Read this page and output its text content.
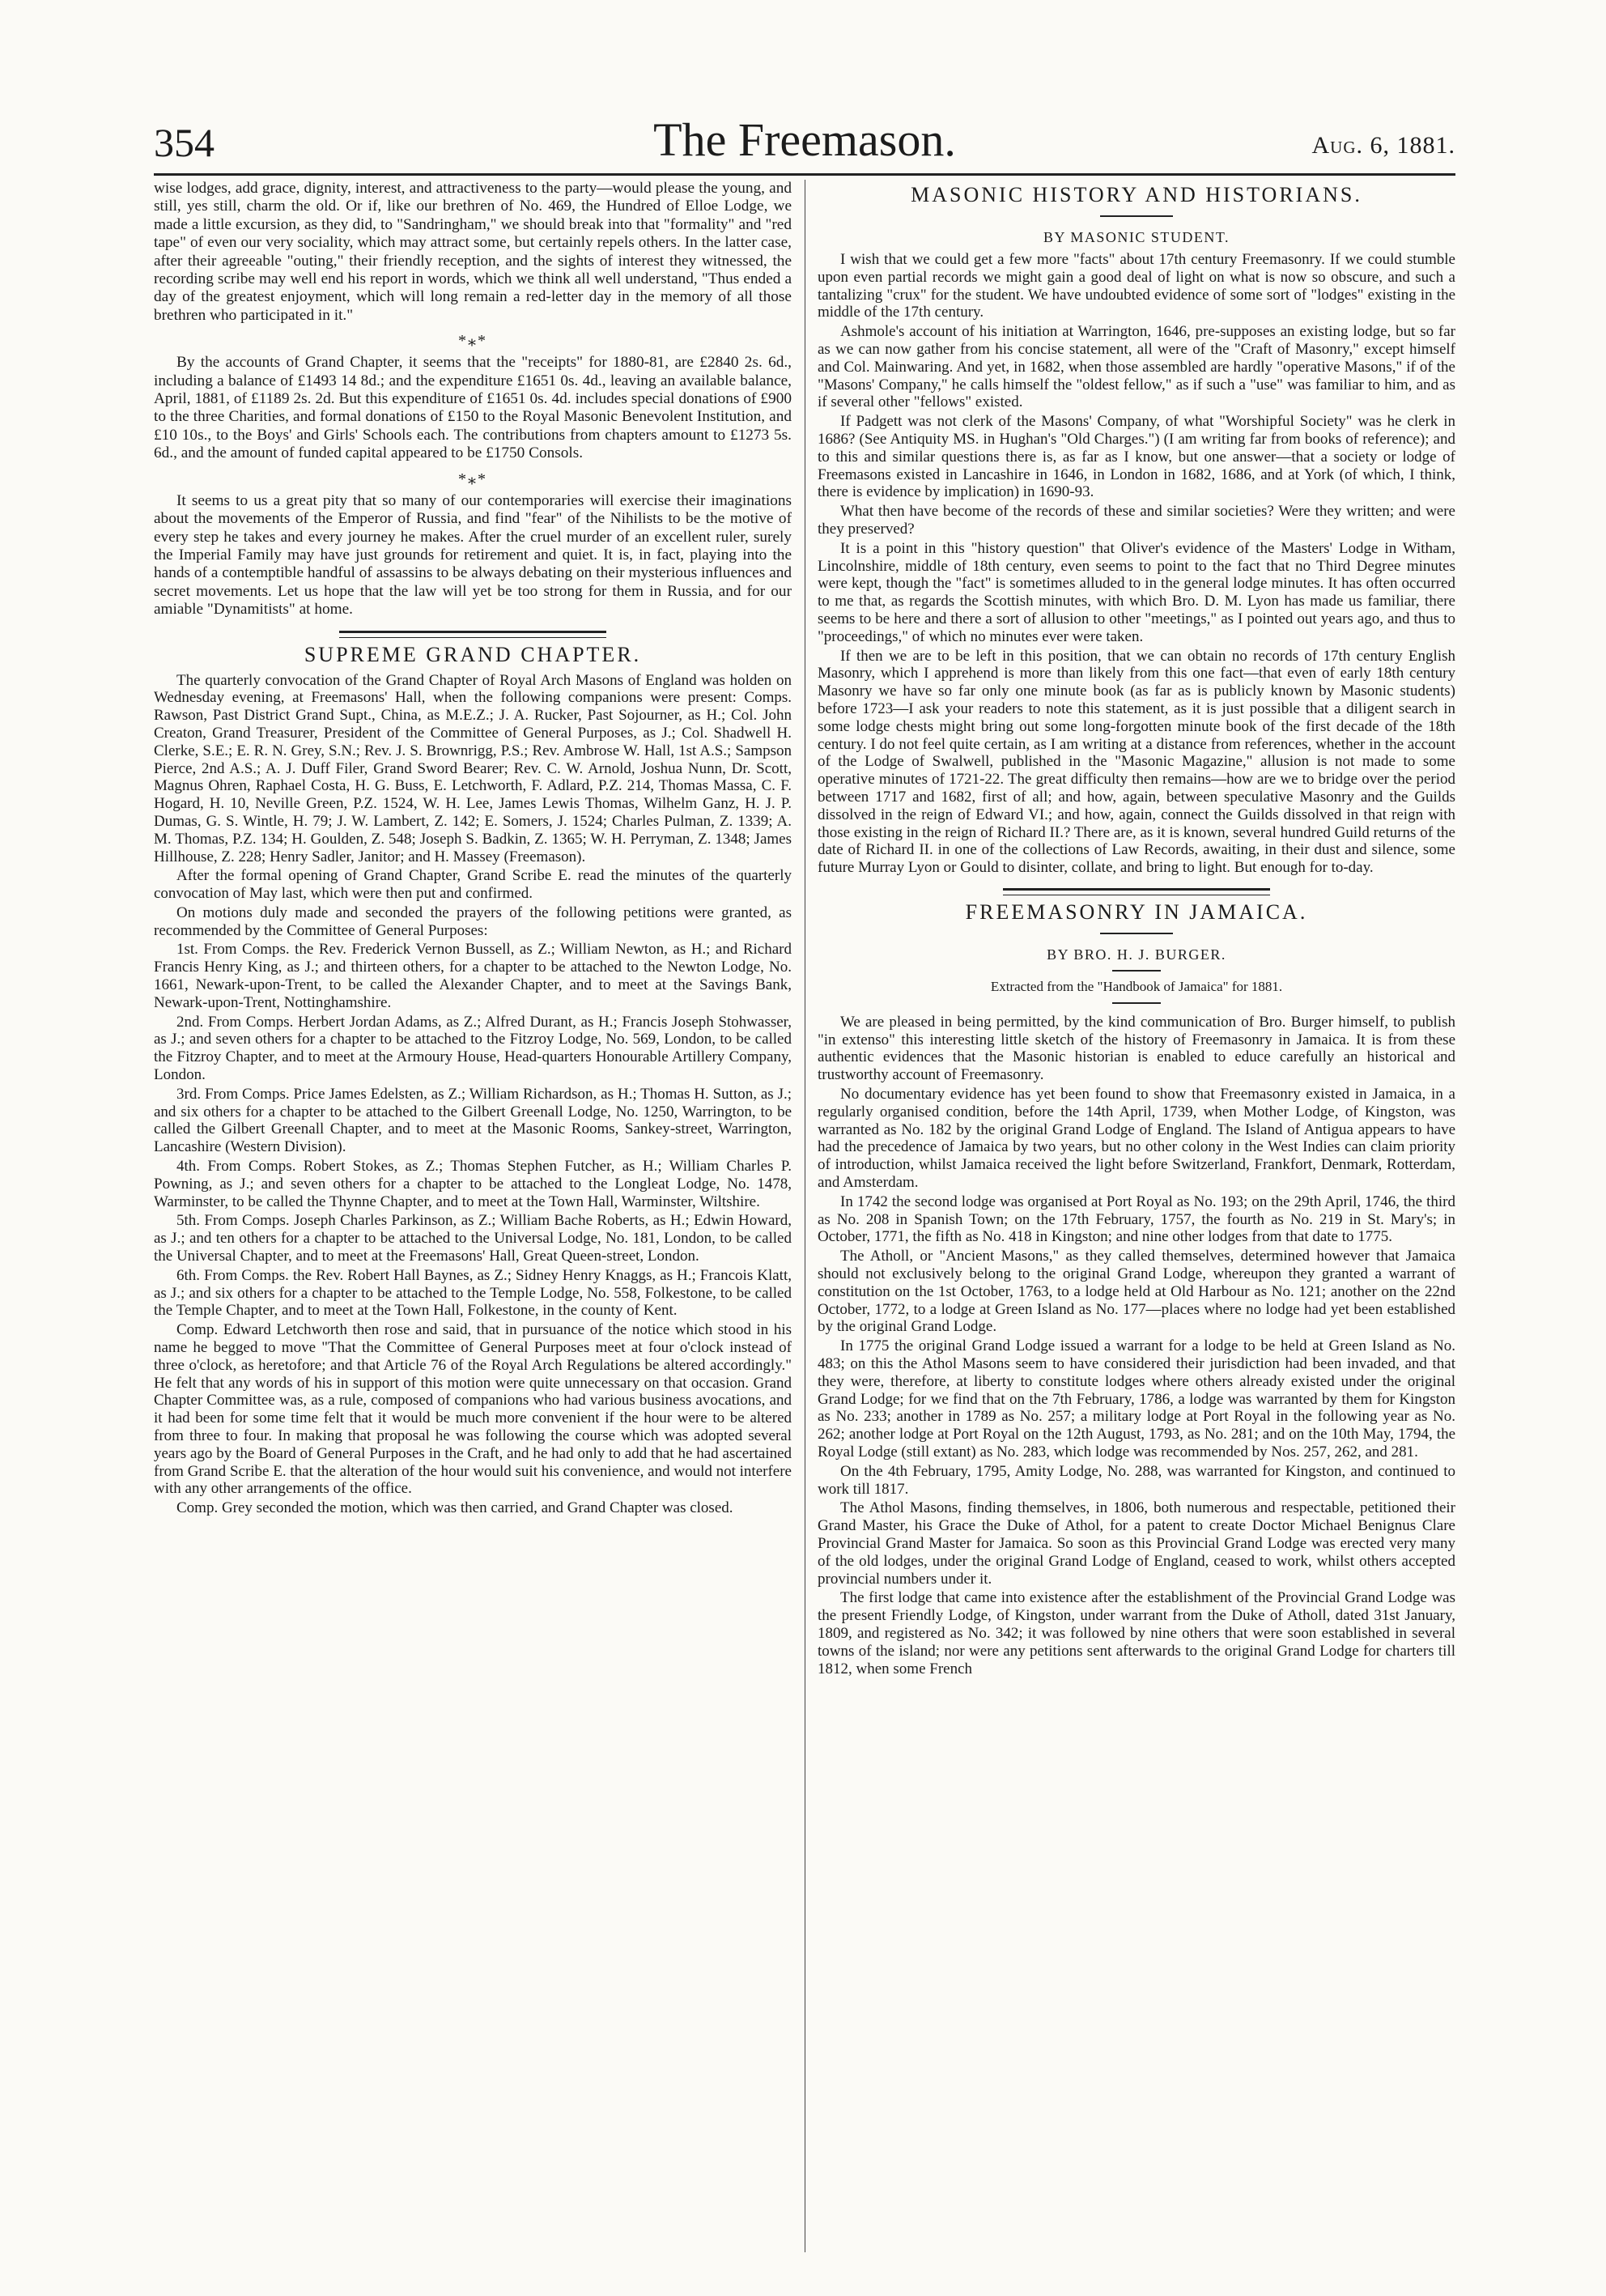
354	The Freemason.	Aug. 6, 1881.

wise lodges, add grace, dignity, interest, and attractiveness to the party—would please the young, and still, yes still, charm the old. Or if, like our brethren of No. 469, the Hundred of Elloe Lodge, we made a little excursion, as they did, to "Sandringham," we should break into that "formality" and "red tape" of even our very sociality, which may attract some, but certainly repels others. In the latter case, after their agreeable "outing," their friendly reception, and the sights of interest they witnessed, the recording scribe may well end his report in words, which we think all well understand, "Thus ended a day of the greatest enjoyment, which will long remain a red-letter day in the memory of all those brethren who participated in it."

*⁎*

By the accounts of Grand Chapter, it seems that the "receipts" for 1880-81, are £2840 2s. 6d., including a balance of £1493 14 8d.; and the expenditure £1651 0s. 4d., leaving an available balance, April, 1881, of £1189 2s. 2d. But this expenditure of £1651 0s. 4d. includes special donations of £900 to the three Charities, and formal donations of £150 to the Royal Masonic Benevolent Institution, and £10 10s., to the Boys' and Girls' Schools each. The contributions from chapters amount to £1273 5s. 6d., and the amount of funded capital appeared to be £1750 Consols.

*⁎*

It seems to us a great pity that so many of our contemporaries will exercise their imaginations about the movements of the Emperor of Russia, and find "fear" of the Nihilists to be the motive of every step he takes and every journey he makes. After the cruel murder of an excellent ruler, surely the Imperial Family may have just grounds for retirement and quiet. It is, in fact, playing into the hands of a contemptible handful of assassins to be always debating on their mysterious influences and secret movements. Let us hope that the law will yet be too strong for them in Russia, and for our amiable "Dynamitists" at home.

SUPREME GRAND CHAPTER.

The quarterly convocation of the Grand Chapter of Royal Arch Masons of England was holden on Wednesday evening, at Freemasons' Hall, when the following companions were present: Comps. Rawson, Past District Grand Supt., China, as M.E.Z.; J. A. Rucker, Past Sojourner, as H.; Col. John Creaton, Grand Treasurer, President of the Committee of General Purposes, as J.; Col. Shadwell H. Clerke, S.E.; E. R. N. Grey, S.N.; Rev. J. S. Brownrigg, P.S.; Rev. Ambrose W. Hall, 1st A.S.; Sampson Pierce, 2nd A.S.; A. J. Duff Filer, Grand Sword Bearer; Rev. C. W. Arnold, Joshua Nunn, Dr. Scott, Magnus Ohren, Raphael Costa, H. G. Buss, E. Letchworth, F. Adlard, P.Z. 214, Thomas Massa, C. F. Hogard, H. 10, Neville Green, P.Z. 1524, W. H. Lee, James Lewis Thomas, Wilhelm Ganz, H. J. P. Dumas, G. S. Wintle, H. 79; J. W. Lambert, Z. 142; E. Somers, J. 1524; Charles Pulman, Z. 1339; A. M. Thomas, P.Z. 134; H. Goulden, Z. 548; Joseph S. Badkin, Z. 1365; W. H. Perryman, Z. 1348; James Hillhouse, Z. 228; Henry Sadler, Janitor; and H. Massey (Freemason).

After the formal opening of Grand Chapter, Grand Scribe E. read the minutes of the quarterly convocation of May last, which were then put and confirmed.

On motions duly made and seconded the prayers of the following petitions were granted, as recommended by the Committee of General Purposes:

1st. From Comps. the Rev. Frederick Vernon Bussell, as Z.; William Newton, as H.; and Richard Francis Henry King, as J.; and thirteen others, for a chapter to be attached to the Newton Lodge, No. 1661, Newark-upon-Trent, to be called the Alexander Chapter, and to meet at the Savings Bank, Newark-upon-Trent, Nottinghamshire.

2nd. From Comps. Herbert Jordan Adams, as Z.; Alfred Durant, as H.; Francis Joseph Stohwasser, as J.; and seven others for a chapter to be attached to the Fitzroy Lodge, No. 569, London, to be called the Fitzroy Chapter, and to meet at the Armoury House, Head-quarters Honourable Artillery Company, London.

3rd. From Comps. Price James Edelsten, as Z.; William Richardson, as H.; Thomas H. Sutton, as J.; and six others for a chapter to be attached to the Gilbert Greenall Lodge, No. 1250, Warrington, to be called the Gilbert Greenall Chapter, and to meet at the Masonic Rooms, Sankey-street, Warrington, Lancashire (Western Division).

4th. From Comps. Robert Stokes, as Z.; Thomas Stephen Futcher, as H.; William Charles P. Powning, as J.; and seven others for a chapter to be attached to the Longleat Lodge, No. 1478, Warminster, to be called the Thynne Chapter, and to meet at the Town Hall, Warminster, Wiltshire.

5th. From Comps. Joseph Charles Parkinson, as Z.; William Bache Roberts, as H.; Edwin Howard, as J.; and ten others for a chapter to be attached to the Universal Lodge, No. 181, London, to be called the Universal Chapter, and to meet at the Freemasons' Hall, Great Queen-street, London.

6th. From Comps. the Rev. Robert Hall Baynes, as Z.; Sidney Henry Knaggs, as H.; Francois Klatt, as J.; and six others for a chapter to be attached to the Temple Lodge, No. 558, Folkestone, to be called the Temple Chapter, and to meet at the Town Hall, Folkestone, in the county of Kent.

Comp. Edward Letchworth then rose and said, that in pursuance of the notice which stood in his name he begged to move "That the Committee of General Purposes meet at four o'clock instead of three o'clock, as heretofore; and that Article 76 of the Royal Arch Regulations be altered accordingly." He felt that any words of his in support of this motion were quite unnecessary on that occasion. Grand Chapter Committee was, as a rule, composed of companions who had various business avocations, and it had been for some time felt that it would be much more convenient if the hour were to be altered from three to four. In making that proposal he was following the course which was adopted several years ago by the Board of General Purposes in the Craft, and he had only to add that he had ascertained from Grand Scribe E. that the alteration of the hour would suit his convenience, and would not interfere with any other arrangements of the office.

Comp. Grey seconded the motion, which was then carried, and Grand Chapter was closed.

MASONIC HISTORY AND HISTORIANS.
BY MASONIC STUDENT.

I wish that we could get a few more "facts" about 17th century Freemasonry. If we could stumble upon even partial records we might gain a good deal of light on what is now so obscure, and such a tantalizing "crux" for the student. We have undoubted evidence of some sort of "lodges" existing in the middle of the 17th century.

Ashmole's account of his initiation at Warrington, 1646, pre-supposes an existing lodge, but so far as we can now gather from his concise statement, all were of the "Craft of Masonry," except himself and Col. Mainwaring. And yet, in 1682, when those assembled are hardly "operative Masons," if of the "Masons' Company," he calls himself the "oldest fellow," as if such a "use" was familiar to him, and as if several other "fellows" existed.

If Padgett was not clerk of the Masons' Company, of what "Worshipful Society" was he clerk in 1686? (See Antiquity MS. in Hughan's "Old Charges.") (I am writing far from books of reference); and to this and similar questions there is, as far as I know, but one answer—that a society or lodge of Freemasons existed in Lancashire in 1646, in London in 1682, 1686, and at York (of which, I think, there is evidence by implication) in 1690-93.

What then have become of the records of these and similar societies? Were they written; and were they preserved?

It is a point in this "history question" that Oliver's evidence of the Masters' Lodge in Witham, Lincolnshire, middle of 18th century, even seems to point to the fact that no Third Degree minutes were kept, though the "fact" is sometimes alluded to in the general lodge minutes. It has often occurred to me that, as regards the Scottish minutes, with which Bro. D. M. Lyon has made us familiar, there seems to be here and there a sort of allusion to other "meetings," as I pointed out years ago, and thus to "proceedings," of which no minutes ever were taken.

If then we are to be left in this position, that we can obtain no records of 17th century English Masonry, which I apprehend is more than likely from this one fact—that even of early 18th century Masonry we have so far only one minute book (as far as is publicly known by Masonic students) before 1723—I ask your readers to note this statement, as it is just possible that a diligent search in some lodge chests might bring out some long-forgotten minute book of the first decade of the 18th century. I do not feel quite certain, as I am writing at a distance from references, whether in the account of the Lodge of Swalwell, published in the "Masonic Magazine," allusion is not made to some operative minutes of 1721-22. The great difficulty then remains—how are we to bridge over the period between 1717 and 1682, first of all; and how, again, between speculative Masonry and the Guilds dissolved in the reign of Edward VI.; and how, again, connect the Guilds dissolved in that reign with those existing in the reign of Richard II.? There are, as it is known, several hundred Guild returns of the date of Richard II. in one of the collections of Law Records, awaiting, in their dust and silence, some future Murray Lyon or Gould to disinter, collate, and bring to light. But enough for to-day.

FREEMASONRY IN JAMAICA.
BY BRO. H. J. BURGER.
Extracted from the "Handbook of Jamaica" for 1881.

We are pleased in being permitted, by the kind communication of Bro. Burger himself, to publish "in extenso" this interesting little sketch of the history of Freemasonry in Jamaica. It is from these authentic evidences that the Masonic historian is enabled to educe carefully an historical and trustworthy account of Freemasonry.

No documentary evidence has yet been found to show that Freemasonry existed in Jamaica, in a regularly organised condition, before the 14th April, 1739, when Mother Lodge, of Kingston, was warranted as No. 182 by the original Grand Lodge of England. The Island of Antigua appears to have had the precedence of Jamaica by two years, but no other colony in the West Indies can claim priority of introduction, whilst Jamaica received the light before Switzerland, Frankfort, Denmark, Rotterdam, and Amsterdam.

In 1742 the second lodge was organised at Port Royal as No. 193; on the 29th April, 1746, the third as No. 208 in Spanish Town; on the 17th February, 1757, the fourth as No. 219 in St. Mary's; in October, 1771, the fifth as No. 418 in Kingston; and nine other lodges from that date to 1775.

The Atholl, or "Ancient Masons," as they called themselves, determined however that Jamaica should not exclusively belong to the original Grand Lodge, whereupon they granted a warrant of constitution on the 1st October, 1763, to a lodge held at Old Harbour as No. 121; another on the 22nd October, 1772, to a lodge at Green Island as No. 177—places where no lodge had yet been established by the original Grand Lodge.

In 1775 the original Grand Lodge issued a warrant for a lodge to be held at Green Island as No. 483; on this the Athol Masons seem to have considered their jurisdiction had been invaded, and that they were, therefore, at liberty to constitute lodges where others already existed under the original Grand Lodge; for we find that on the 7th February, 1786, a lodge was warranted by them for Kingston as No. 233; another in 1789 as No. 257; a military lodge at Port Royal in the following year as No. 262; another lodge at Port Royal on the 12th August, 1793, as No. 281; and on the 10th May, 1794, the Royal Lodge (still extant) as No. 283, which lodge was recommended by Nos. 257, 262, and 281.

On the 4th February, 1795, Amity Lodge, No. 288, was warranted for Kingston, and continued to work till 1817.

The Athol Masons, finding themselves, in 1806, both numerous and respectable, petitioned their Grand Master, his Grace the Duke of Athol, for a patent to create Doctor Michael Benignus Clare Provincial Grand Master for Jamaica. So soon as this Provincial Grand Lodge was erected very many of the old lodges, under the original Grand Lodge of England, ceased to work, whilst others accepted provincial numbers under it.

The first lodge that came into existence after the establishment of the Provincial Grand Lodge was the present Friendly Lodge, of Kingston, under warrant from the Duke of Atholl, dated 31st January, 1809, and registered as No. 342; it was followed by nine others that were soon established in several towns of the island; nor were any petitions sent afterwards to the original Grand Lodge for charters till 1812, when some French
